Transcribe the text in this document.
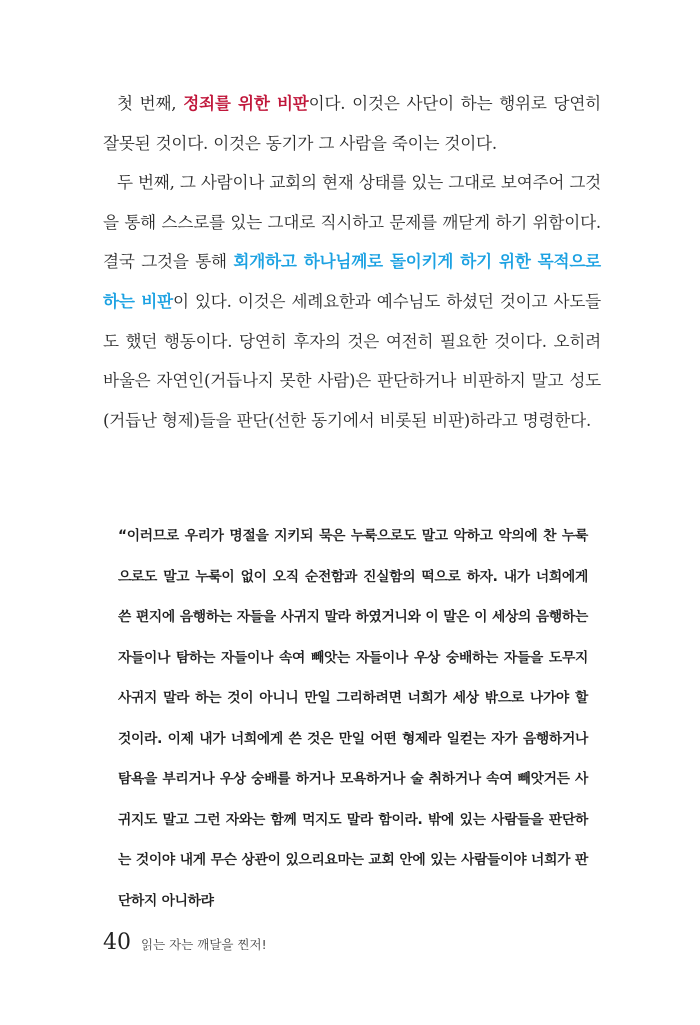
첫 번째, 정죄를 위한 비판이다. 이것은 사단이 하는 행위로 당연히 잘못된 것이다. 이것은 동기가 그 사람을 죽이는 것이다.

두 번째, 그 사람이나 교회의 현재 상태를 있는 그대로 보여주어 그것을 통해 스스로를 있는 그대로 직시하고 문제를 깨닫게 하기 위함이다. 결국 그것을 통해 회개하고 하나님께로 돌이키게 하기 위한 목적으로 하는 비판이 있다. 이것은 세례요한과 예수님도 하셨던 것이고 사도들도 했던 행동이다. 당연히 후자의 것은 여전히 필요한 것이다. 오히려 바울은 자연인(거듭나지 못한 사람)은 판단하거나 비판하지 말고 성도(거듭난 형제)들을 판단(선한 동기에서 비롯된 비판)하라고 명령한다.

“이러므로 우리가 명절을 지키되 묵은 누룩으로도 말고 악하고 악의에 찬 누룩으로도 말고 누룩이 없이 오직 순전함과 진실함의 떡으로 하자. 내가 너희에게 쓴 편지에 음행하는 자들을 사귀지 말라 하였거니와 이 말은 이 세상의 음행하는 자들이나 탐하는 자들이나 속여 빼앗는 자들이나 우상 숭배하는 자들을 도무지 사귀지 말라 하는 것이 아니니 만일 그리하려면 너희가 세상 밖으로 나가야 할 것이라. 이제 내가 너희에게 쓴 것은 만일 어떤 형제라 일컫는 자가 음행하거나 탐욕을 부리거나 우상 숭배를 하거나 모욕하거나 술 취하거나 속여 빼앗거든 사귀지도 말고 그런 자와는 함께 먹지도 말라 함이라. 밖에 있는 사람들을 판단하는 것이야 내게 무슨 상관이 있으리요마는 교회 안에 있는 사람들이야 너희가 판단하지 아니하랴

40 읽는 자는 깨달을 찐저!
